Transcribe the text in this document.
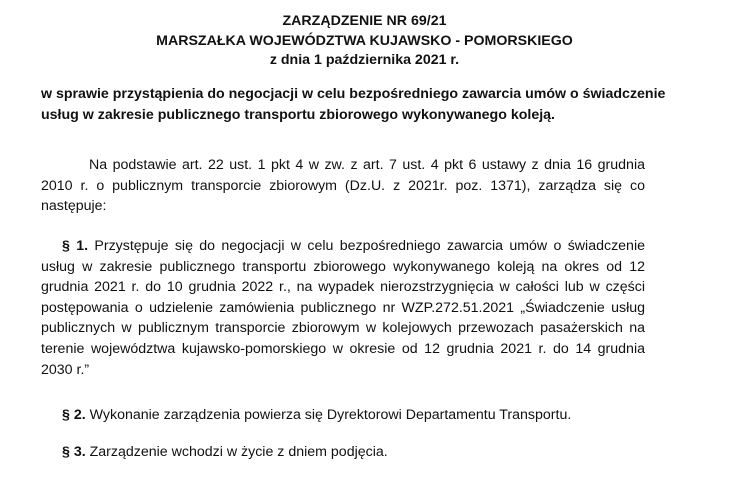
ZARZĄDZENIE NR 69/21
MARSZAŁKA WOJEWÓDZTWA KUJAWSKO - POMORSKIEGO
z dnia 1 października 2021 r.
w sprawie przystąpienia do negocjacji w celu bezpośredniego zawarcia umów o świadczenie usług w zakresie publicznego transportu zbiorowego wykonywanego koleją.
Na podstawie art. 22 ust. 1 pkt 4 w zw. z art. 7 ust. 4 pkt 6 ustawy z dnia 16 grudnia 2010 r. o publicznym transporcie zbiorowym (Dz.U. z 2021r. poz. 1371), zarządza się co następuje:
§ 1. Przystępuje się do negocjacji w celu bezpośredniego zawarcia umów o świadczenie usług w zakresie publicznego transportu zbiorowego wykonywanego koleją na okres od 12 grudnia 2021 r. do 10 grudnia 2022 r., na wypadek nierozstrzygnięcia w całości lub w części postępowania o udzielenie zamówienia publicznego nr WZP.272.51.2021 „Świadczenie usług publicznych w publicznym transporcie zbiorowym w kolejowych przewozach pasażerskich na terenie województwa kujawsko-pomorskiego w okresie od 12 grudnia 2021 r. do 14 grudnia 2030 r.”
§ 2. Wykonanie zarządzenia powierza się Dyrektorowi Departamentu Transportu.
§ 3. Zarządzenie wchodzi w życie z dniem podjęcia.
